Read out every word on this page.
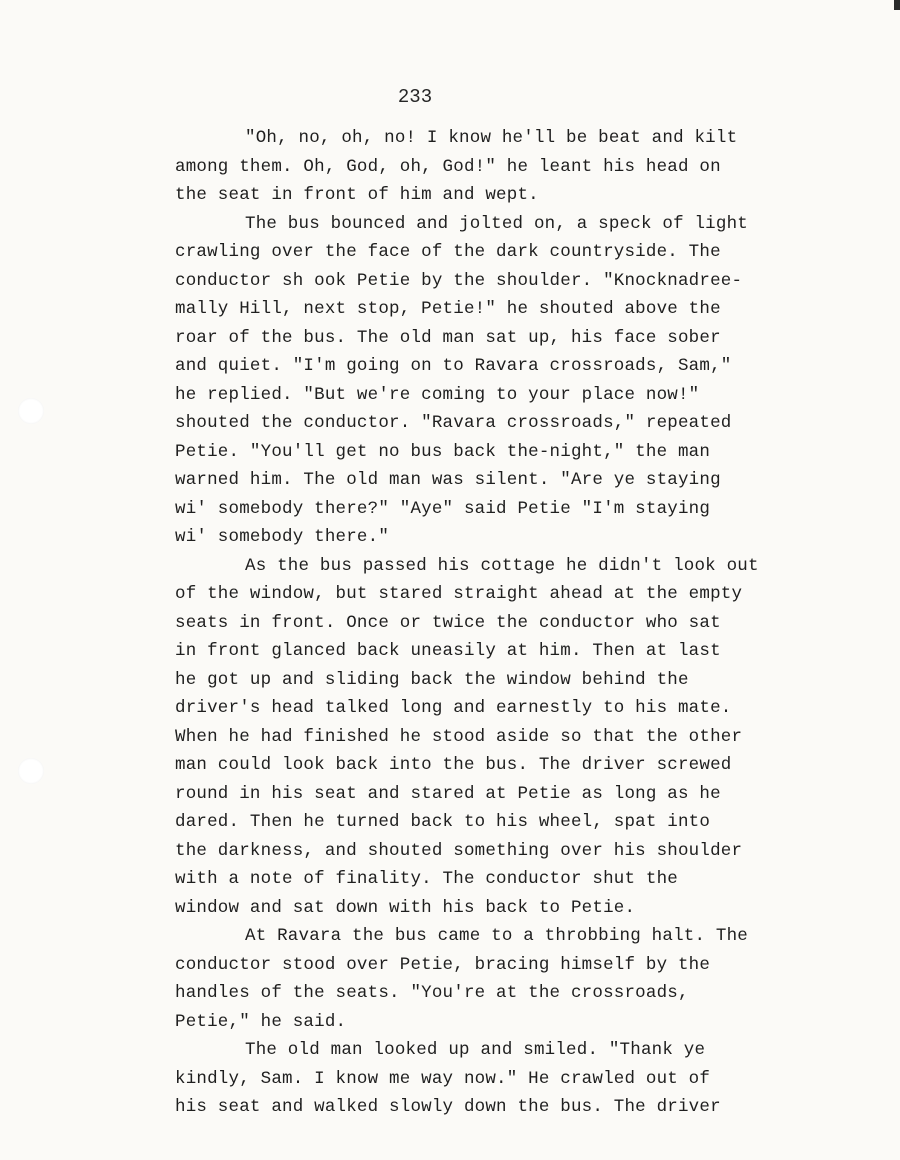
233

"Oh, no, oh, no! I know he'll be beat and kilt
among them. Oh, God, oh, God!" he leant his head on
the seat in front of him and wept.

The bus bounced and jolted on, a speck of light
crawling over the face of the dark countryside. The
conductor sh ook Petie by the shoulder. "Knocknadree-
mally Hill, next stop, Petie!" he shouted above the
roar of the bus. The old man sat up, his face sober
and quiet. "I'm going on to Ravara crossroads, Sam,"
he replied. "But we're coming to your place now!"
shouted the conductor. "Ravara crossroads," repeated
Petie. "You'll get no bus back the-night," the man
warned him. The old man was silent. "Are ye staying
wi' somebody there?" "Aye" said Petie "I'm staying
wi' somebody there."

As the bus passed his cottage he didn't look out
of the window, but stared straight ahead at the empty
seats in front. Once or twice the conductor who sat
in front glanced back uneasily at him. Then at last
he got up and sliding back the window behind the
driver's head talked long and earnestly to his mate.
When he had finished he stood aside so that the other
man could look back into the bus. The driver screwed
round in his seat and stared at Petie as long as he
dared. Then he turned back to his wheel, spat into
the darkness, and shouted something over his shoulder
with a note of finality. The conductor shut the
window and sat down with his back to Petie.

At Ravara the bus came to a throbbing halt. The
conductor stood over Petie, bracing himself by the
handles of the seats. "You're at the crossroads,
Petie," he said.

The old man looked up and smiled. "Thank ye
kindly, Sam. I know me way now." He crawled out of
his seat and walked slowly down the bus. The driver
